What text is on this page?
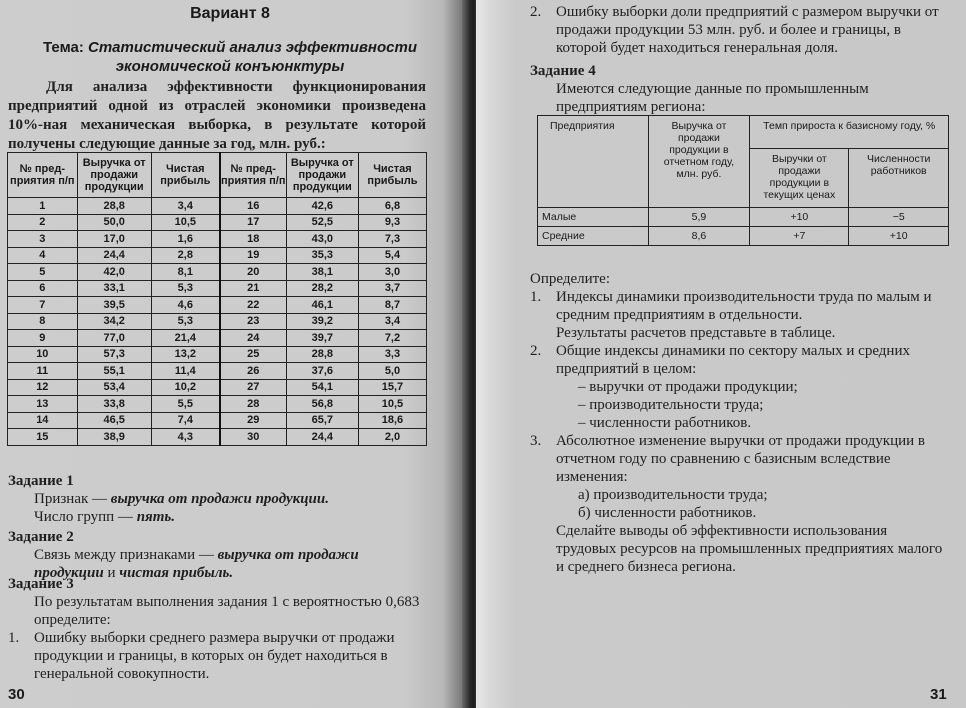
Вариант 8
Тема: Статистический анализ эффективности
экономической конъюнктуры
Для анализа эффективности функционирования предприятий одной из отраслей экономики произведена 10%-ная механическая выборка, в результате которой получены следующие данные за год, млн. руб.:
№ пред-приятия п/п	Выручка от продажи продукции	Чистая прибыль	№ пред-приятия п/п	Выручка от продажи продукции	Чистая прибыль
1	28,8	3,4	16	42,6	6,8
2	50,0	10,5	17	52,5	9,3
3	17,0	1,6	18	43,0	7,3
4	24,4	2,8	19	35,3	5,4
5	42,0	8,1	20	38,1	3,0
6	33,1	5,3	21	28,2	3,7
7	39,5	4,6	22	46,1	8,7
8	34,2	5,3	23	39,2	3,4
9	77,0	21,4	24	39,7	7,2
10	57,3	13,2	25	28,8	3,3
11	55,1	11,4	26	37,6	5,0
12	53,4	10,2	27	54,1	15,7
13	33,8	5,5	28	56,8	10,5
14	46,5	7,4	29	65,7	18,6
15	38,9	4,3	30	24,4	2,0
Задание 1
Признак — выручка от продажи продукции.
Число групп — пять.
Задание 2
Связь между признаками — выручка от продажи продукции и чистая прибыль.
Задание 3
По результатам выполнения задания 1 с вероятностью 0,683 определите:
1. Ошибку выборки среднего размера выручки от продажи продукции и границы, в которых он будет находиться в генеральной совокупности.
30
2. Ошибку выборки доли предприятий с размером выручки от продажи продукции 53 млн. руб. и более и границы, в которой будет находиться генеральная доля.
Задание 4
Имеются следующие данные по промышленным предприятиям региона:
Предприятия	Выручка от продажи продукции в отчетном году, млн. руб.	Темп прироста к базисному году, %	
		Выручки от продажи продукции в текущих ценах	Численности работников
Малые	5,9	+10	−5
Средние	8,6	+7	+10
Определите:
1. Индексы динамики производительности труда по малым и средним предприятиям в отдельности.
Результаты расчетов представьте в таблице.
2. Общие индексы динамики по сектору малых и средних предприятий в целом:
– выручки от продажи продукции;
– производительности труда;
– численности работников.
3. Абсолютное изменение выручки от продажи продукции в отчетном году по сравнению с базисным вследствие изменения:
а) производительности труда;
б) численности работников.
Сделайте выводы об эффективности использования трудовых ресурсов на промышленных предприятиях малого и среднего бизнеса региона.
31
